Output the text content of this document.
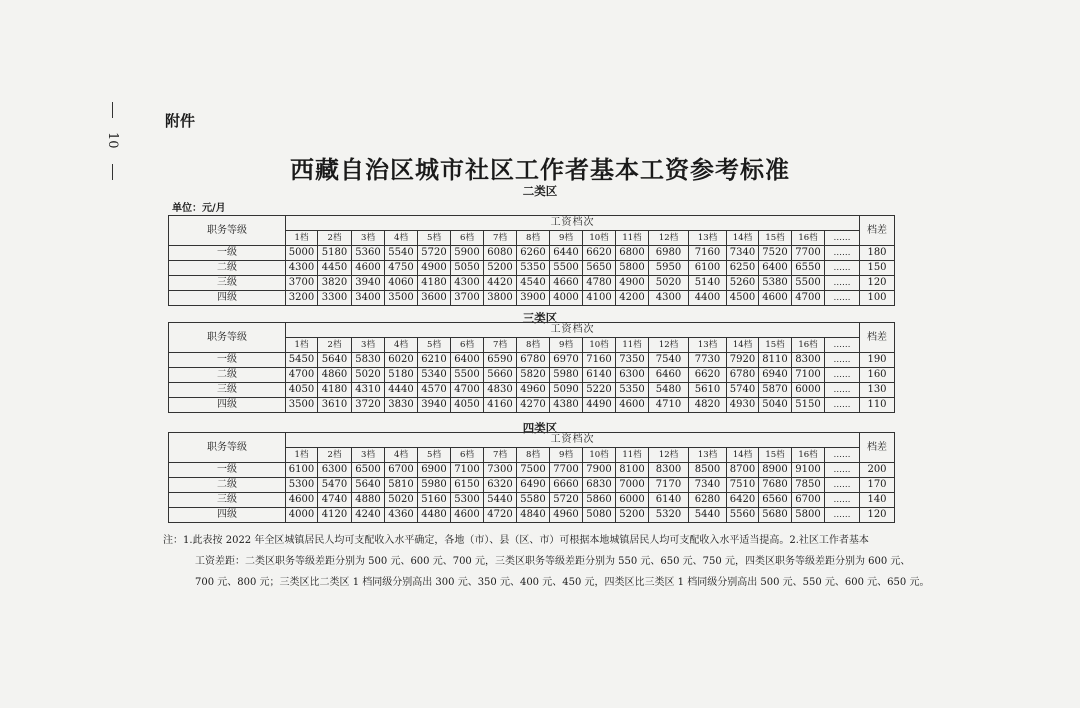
10
附件
西藏自治区城市社区工作者基本工资参考标准
单位：元/月
二类区
职务等级	工资档次																	档差
	1档	2档	3档	4档	5档	6档	7档	8档	9档	10档	11档	12档	13档	14档	15档	16档	……	
一级	5000	5180	5360	5540	5720	5900	6080	6260	6440	6620	6800	6980	7160	7340	7520	7700	……	180
二级	4300	4450	4600	4750	4900	5050	5200	5350	5500	5650	5800	5950	6100	6250	6400	6550	……	150
三级	3700	3820	3940	4060	4180	4300	4420	4540	4660	4780	4900	5020	5140	5260	5380	5500	……	120
四级	3200	3300	3400	3500	3600	3700	3800	3900	4000	4100	4200	4300	4400	4500	4600	4700	……	100
三类区
职务等级	工资档次																	档差
	1档	2档	3档	4档	5档	6档	7档	8档	9档	10档	11档	12档	13档	14档	15档	16档	……	
一级	5450	5640	5830	6020	6210	6400	6590	6780	6970	7160	7350	7540	7730	7920	8110	8300	……	190
二级	4700	4860	5020	5180	5340	5500	5660	5820	5980	6140	6300	6460	6620	6780	6940	7100	……	160
三级	4050	4180	4310	4440	4570	4700	4830	4960	5090	5220	5350	5480	5610	5740	5870	6000	……	130
四级	3500	3610	3720	3830	3940	4050	4160	4270	4380	4490	4600	4710	4820	4930	5040	5150	……	110
四类区
职务等级	工资档次																	档差
	1档	2档	3档	4档	5档	6档	7档	8档	9档	10档	11档	12档	13档	14档	15档	16档	……	
一级	6100	6300	6500	6700	6900	7100	7300	7500	7700	7900	8100	8300	8500	8700	8900	9100	……	200
二级	5300	5470	5640	5810	5980	6150	6320	6490	6660	6830	7000	7170	7340	7510	7680	7850	……	170
三级	4600	4740	4880	5020	5160	5300	5440	5580	5720	5860	6000	6140	6280	6420	6560	6700	……	140
四级	4000	4120	4240	4360	4480	4600	4720	4840	4960	5080	5200	5320	5440	5560	5680	5800	……	120
注：1.此表按 2022 年全区城镇居民人均可支配收入水平确定，各地（市）、县（区、市）可根据本地城镇居民人均可支配收入水平适当提高。2.社区工作者基本
工资差距：二类区职务等级差距分别为 500 元、600 元、700 元，三类区职务等级差距分别为 550 元、650 元、750 元，四类区职务等级差距分别为 600 元、
700 元、800 元；三类区比二类区 1 档同级分别高出 300 元、350 元、400 元、450 元，四类区比三类区 1 档同级分别高出 500 元、550 元、600 元、650 元。
